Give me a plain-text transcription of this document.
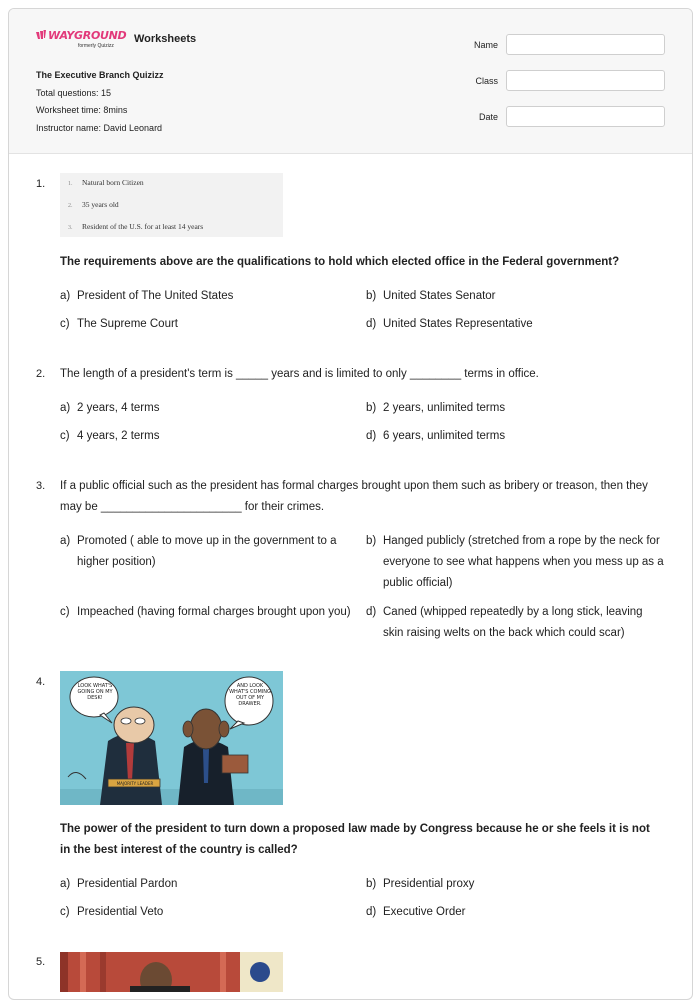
WAYGROUND
formerly Quizizz
Worksheets
The Executive Branch Quizizz
Total questions: 15
Worksheet time: 8mins
Instructor name: David Leonard
Name
Class
Date
1.	1. Natural born Citizen
2. 35 years old
3. Resident of the U.S. for at least 14 years
The requirements above are the qualifications to hold which elected office in the Federal government?
a) President of The United States	b) United States Senator
c) The Supreme Court	d) United States Representative
2. The length of a president's term is _____ years and is limited to only ________ terms in office.
a) 2 years, 4 terms	b) 2 years, unlimited terms
c) 4 years, 2 terms	d) 6 years, unlimited terms
3. If a public official such as the president has formal charges brought upon them such as bribery or treason, then they may be ______________________ for their crimes.
a) Promoted ( able to move up in the government to a higher position)
b) Hanged publicly (stretched from a rope by the neck for everyone to see what happens when you mess up as a public official)
c) Impeached (having formal charges brought upon you)	d) Caned (whipped repeatedly by a long stick, leaving skin raising welts on the back which could scar)
4.	LOOK WHAT'S GOING ON MY DESK!
AND LOOK WHAT'S COMING OUT OF MY DRAWER.
MAJORITY LEADER
The power of the president to turn down a proposed law made by Congress because he or she feels it is not in the best interest of the country is called?
a) Presidential Pardon	b) Presidential proxy
c) Presidential Veto	d) Executive Order
5.
